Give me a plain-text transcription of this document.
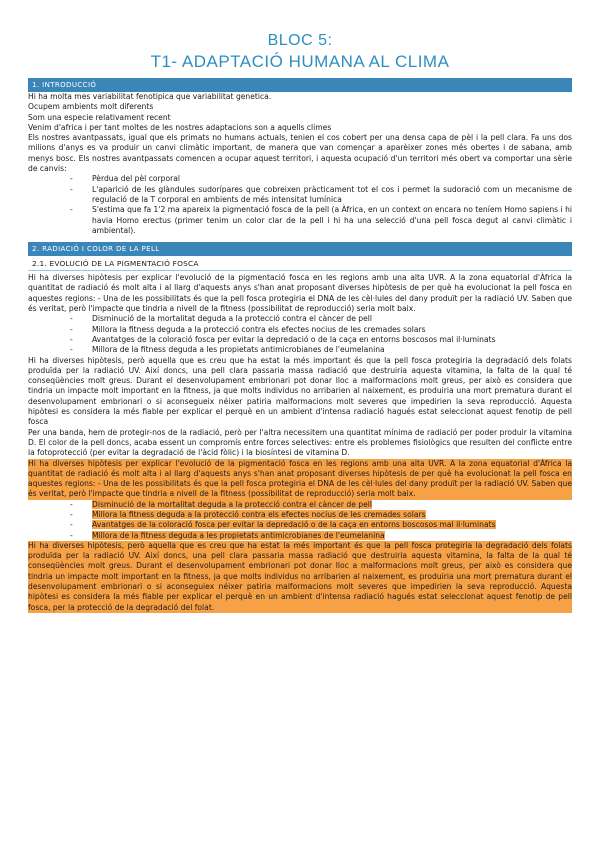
BLOC 5:
T1- ADAPTACIÓ HUMANA AL CLIMA
1. INTRODUCCIÓ

Hi ha molta mes variabilitat fenotipica que variabilitat genetica.

Ocupem ambients molt diferents

Som una especie relativament recent

Venim d'africa i per tant moltes de les nostres adaptacions son a aquells climes

Els nostres avantpassats, igual que els primats no humans actuals, tenien el cos cobert per una densa capa de pèl i la pell clara. Fa uns dos milions d'anys es va produir un canvi climàtic important, de manera que van començar a aparèixer zones més obertes i de sabana, amb menys bosc. Els nostres avantpassats comencen a ocupar aquest territori, i aquesta ocupació d'un territori més obert va comportar una sèrie de canvis:

- Pèrdua del pèl corporal
- L'aparició de les glàndules sudorípares que cobreixen pràcticament tot el cos i permet la sudoració com un mecanisme de regulació de la T corporal en ambients de més intensitat lumínica
- S'estima que fa 1'2 ma apareix la pigmentació fosca de la pell (a Àfrica, en un context on encara no teníem Homo sapiens i hi havia Homo erectus (primer tenim un color clar de la pell i hi ha una selecció d'una pell fosca degut al canvi climàtic i ambiental).
2. RADIACIÓ I COLOR DE LA PELL
2.1. EVOLUCIÓ DE LA PIGMENTACIÓ FOSCA

Hi ha diverses hipòtesis per explicar l'evolució de la pigmentació fosca en les regions amb una alta UVR. A la zona equatorial d'Àfrica la quantitat de radiació és molt alta i al llarg d'aquests anys s'han anat proposant diverses hipòtesis de per què ha evolucionat la pell fosca en aquestes regions: - Una de les possibilitats és que la pell fosca protegiria el DNA de les cèl·lules del dany produït per la radiació UV. Saben que és veritat, però l'impacte que tindria a nivell de la fitness (possibilitat de reproducció) seria molt baix.

- Disminució de la mortalitat deguda a la protecció contra el càncer de pell
- Millora la fitness deguda a la protecció contra els efectes nocius de les cremades solars
- Avantatges de la coloració fosca per evitar la depredació o de la caça en entorns boscosos mal il·luminats
- Millora de la fitness deguda a les propietats antimicrobianes de l'eumelanina

Hi ha diverses hipòtesis, però aquella que es creu que ha estat la més important és que la pell fosca protegiria la degradació dels folats produïda per la radiació UV. Així doncs, una pell clara passaria massa radiació que destruiria aquesta vitamina, la falta de la qual té conseqüències molt greus. Durant el desenvolupament embrionari pot donar lloc a malformacions molt greus, per això es considera que tindria un impacte molt important en la fitness, ja que molts individus no arribarien al naixement, es produiria una mort prematura durant el desenvolupament embrionari o si aconsegueix néixer patiria malformacions molt severes que impedirien la seva reproducció. Aquesta hipòtesi es considera la més fiable per explicar el perquè en un ambient d'intensa radiació hagués estat seleccionat aquest fenotip de pell fosca

Per una banda, hem de protegir-nos de la radiació, però per l'altra necessitem una quantitat mínima de radiació per poder produir la vitamina D. El color de la pell doncs, acaba essent un compromís entre forces selectives: entre els problemes fisiològics que resulten del conflicte entre la fotoprotecció (per evitar la degradació de l'àcid fòlic) i la biosíntesi de vitamina D.

Hi ha diverses hipòtesis per explicar l'evolució de la pigmentació fosca en les regions amb una alta UVR. A la zona equatorial d'Àfrica la quantitat de radiació és molt alta i al llarg d'aquests anys s'han anat proposant diverses hipòtesis de per què ha evolucionat la pell fosca en aquestes regions: - Una de les possibilitats és que la pell fosca protegiria el DNA de les cèl·lules del dany produït per la radiació UV. Saben que és veritat, però l'impacte que tindria a nivell de la fitness (possibilitat de reproducció) seria molt baix.

- Disminució de la mortalitat deguda a la protecció contra el càncer de pell
- Millora la fitness deguda a la protecció contra els efectes nocius de les cremades solars
- Avantatges de la coloració fosca per evitar la depredació o de la caça en entorns boscosos mal il·luminats
- Millora de la fitness deguda a les propietats antimicrobianes de l'eumelanina

Hi ha diverses hipòtesis, però aquella que es creu que ha estat la més important és que la pell fosca protegiria la degradació dels folats produïda per la radiació UV. Així doncs, una pell clara passaria massa radiació que destruiria aquesta vitamina, la falta de la qual té conseqüències molt greus. Durant el desenvolupament embrionari pot donar lloc a malformacions molt greus, per això es considera que tindria un impacte molt important en la fitness, ja que molts individus no arribarien al naixement, es produiria una mort prematura durant el desenvolupament embrionari o si aconseguiex néixer patiria malformacions molt severes que impedirien la seva reproducció. Aquesta hipòtesi es considera la més fiable per explicar el perquè en un ambient d'intensa radiació hagués estat seleccionat aquest fenotip de pell fosca, per la protecció de la degradació del folat.
